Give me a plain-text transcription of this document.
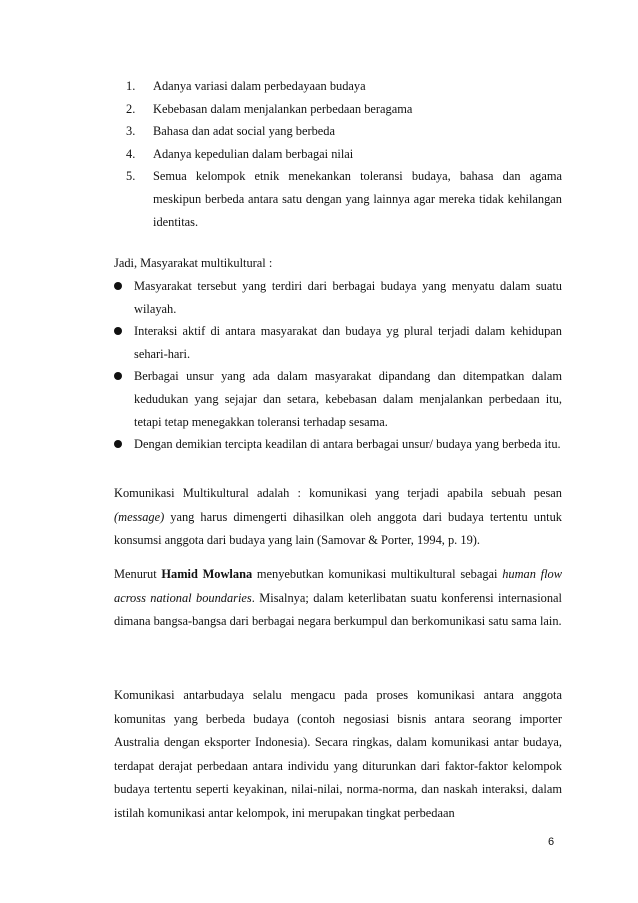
1. Adanya variasi dalam perbedayaan budaya
2. Kebebasan dalam menjalankan perbedaan beragama
3. Bahasa dan adat social yang berbeda
4. Adanya kepedulian dalam berbagai nilai
5. Semua kelompok etnik menekankan toleransi budaya, bahasa dan agama meskipun berbeda antara satu dengan yang lainnya agar mereka tidak kehilangan identitas.

Jadi, Masyarakat multikultural :

Masyarakat tersebut yang terdiri dari berbagai budaya yang menyatu dalam suatu wilayah.
Interaksi aktif di antara masyarakat dan budaya yg plural terjadi dalam kehidupan sehari-hari.
Berbagai unsur yang ada dalam masyarakat dipandang dan ditempatkan dalam kedudukan yang sejajar dan setara, kebebasan dalam menjalankan perbedaan itu, tetapi tetap menegakkan toleransi terhadap sesama.
Dengan demikian tercipta keadilan di antara berbagai unsur/ budaya yang berbeda itu.

Komunikasi Multikultural adalah : komunikasi yang terjadi apabila sebuah pesan (message) yang harus dimengerti dihasilkan oleh anggota dari budaya tertentu untuk konsumsi anggota dari budaya yang lain (Samovar & Porter, 1994, p. 19).

Menurut Hamid Mowlana menyebutkan komunikasi multikultural sebagai human flow across national boundaries. Misalnya; dalam keterlibatan suatu konferensi internasional dimana bangsa-bangsa dari berbagai negara berkumpul dan berkomunikasi satu sama lain.

Komunikasi antarbudaya selalu mengacu pada proses komunikasi antara anggota komunitas yang berbeda budaya (contoh negosiasi bisnis antara seorang importer Australia dengan eksporter Indonesia). Secara ringkas, dalam komunikasi antar budaya, terdapat derajat perbedaan antara individu yang diturunkan dari faktor-faktor kelompok budaya tertentu seperti keyakinan, nilai-nilai, norma-norma, dan naskah interaksi, dalam istilah komunikasi antar kelompok, ini merupakan tingkat perbedaan

6
